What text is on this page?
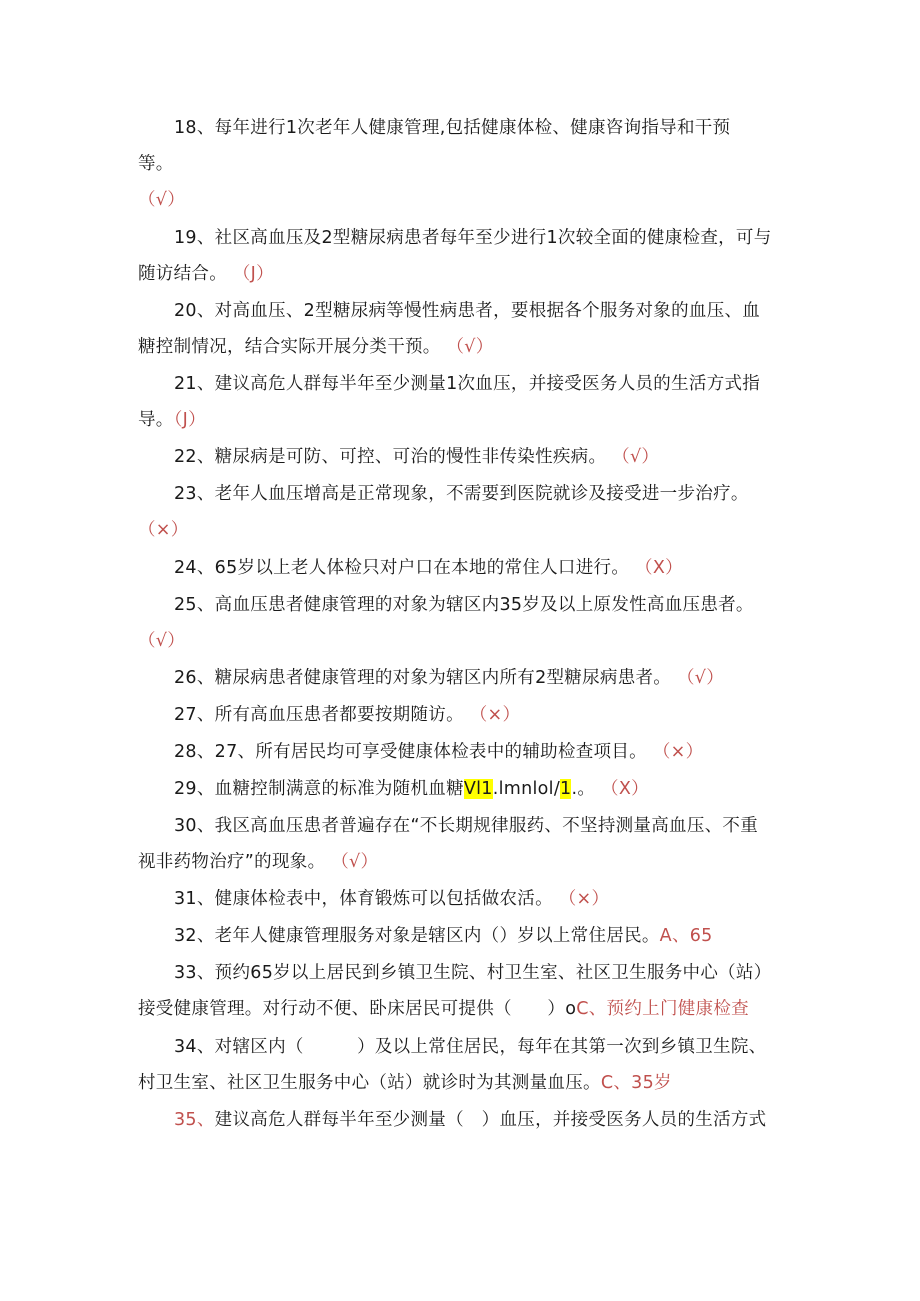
18、每年进行1次老年人健康管理,包括健康体检、健康咨询指导和干预
等。
（√）
19、社区高血压及2型糖尿病患者每年至少进行1次较全面的健康检查，可与
随访结合。 （J）
20、对高血压、2型糖尿病等慢性病患者，要根据各个服务对象的血压、血
糖控制情况，结合实际开展分类干预。 （√）
21、建议高危人群每半年至少测量1次血压，并接受医务人员的生活方式指
导。（J）
22、糖尿病是可防、可控、可治的慢性非传染性疾病。 （√）
23、老年人血压增高是正常现象，不需要到医院就诊及接受进一步治疗。
（×）
24、65岁以上老人体检只对户口在本地的常住人口进行。 （X）
25、高血压患者健康管理的对象为辖区内35岁及以上原发性高血压患者。
（√）
26、糖尿病患者健康管理的对象为辖区内所有2型糖尿病患者。 （√）
27、所有高血压患者都要按期随访。 （×）
28、27、所有居民均可享受健康体检表中的辅助检查项目。 （×）
29、血糖控制满意的标准为随机血糖Vl1.lmnlol/1.。 （X）
30、我区高血压患者普遍存在“不长期规律服药、不坚持测量高血压、不重
视非药物治疗”的现象。 （√）
31、健康体检表中，体育锻炼可以包括做农活。 （×）
32、老年人健康管理服务对象是辖区内（）岁以上常住居民。A、65
33、预约65岁以上居民到乡镇卫生院、村卫生室、社区卫生服务中心（站）
接受健康管理。对行动不便、卧床居民可提供（　　）oC、预约上门健康检查
34、对辖区内（　　　）及以上常住居民，每年在其第一次到乡镇卫生院、
村卫生室、社区卫生服务中心（站）就诊时为其测量血压。C、35岁
35、建议高危人群每半年至少测量（　）血压，并接受医务人员的生活方式
